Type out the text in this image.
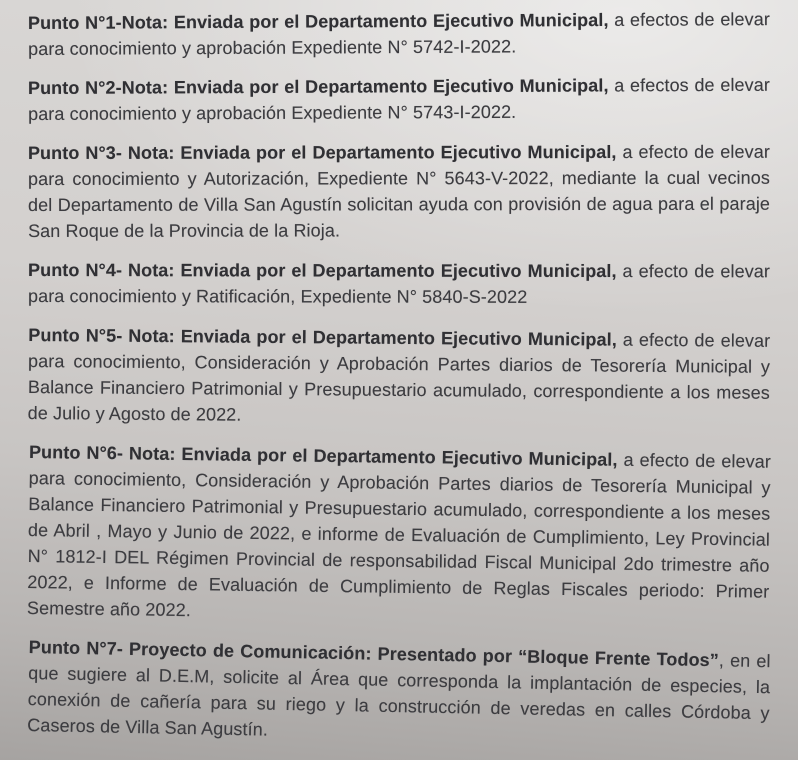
Punto N°1-Nota: Enviada por el Departamento Ejecutivo Municipal, a efectos de elevar para conocimiento y aprobación Expediente N° 5742-I-2022.

Punto N°2-Nota: Enviada por el Departamento Ejecutivo Municipal, a efectos de elevar para conocimiento y aprobación Expediente N° 5743-I-2022.

Punto N°3- Nota: Enviada por el Departamento Ejecutivo Municipal, a efecto de elevar para conocimiento y Autorización, Expediente N° 5643-V-2022, mediante la cual vecinos del Departamento de Villa San Agustín solicitan ayuda con provisión de agua para el paraje San Roque de la Provincia de la Rioja.

Punto N°4- Nota: Enviada por el Departamento Ejecutivo Municipal, a efecto de elevar para conocimiento y Ratificación, Expediente N° 5840-S-2022

Punto N°5- Nota: Enviada por el Departamento Ejecutivo Municipal, a efecto de elevar para conocimiento, Consideración y Aprobación Partes diarios de Tesorería Municipal y Balance Financiero Patrimonial y Presupuestario acumulado, correspondiente a los meses de Julio y Agosto de 2022.

Punto N°6- Nota: Enviada por el Departamento Ejecutivo Municipal, a efecto de elevar para conocimiento, Consideración y Aprobación Partes diarios de Tesorería Municipal y Balance Financiero Patrimonial y Presupuestario acumulado, correspondiente a los meses de Abril , Mayo y Junio de 2022, e informe de Evaluación de Cumplimiento, Ley Provincial N° 1812-I DEL Régimen Provincial de responsabilidad Fiscal Municipal 2do trimestre año 2022, e Informe de Evaluación de Cumplimiento de Reglas Fiscales periodo: Primer Semestre año 2022.

Punto N°7- Proyecto de Comunicación: Presentado por “Bloque Frente Todos”, en el que sugiere al D.E.M, solicite al Área que corresponda la implantación de especies, la conexión de cañería para su riego y la construcción de veredas en calles Córdoba y Caseros de Villa San Agustín.
